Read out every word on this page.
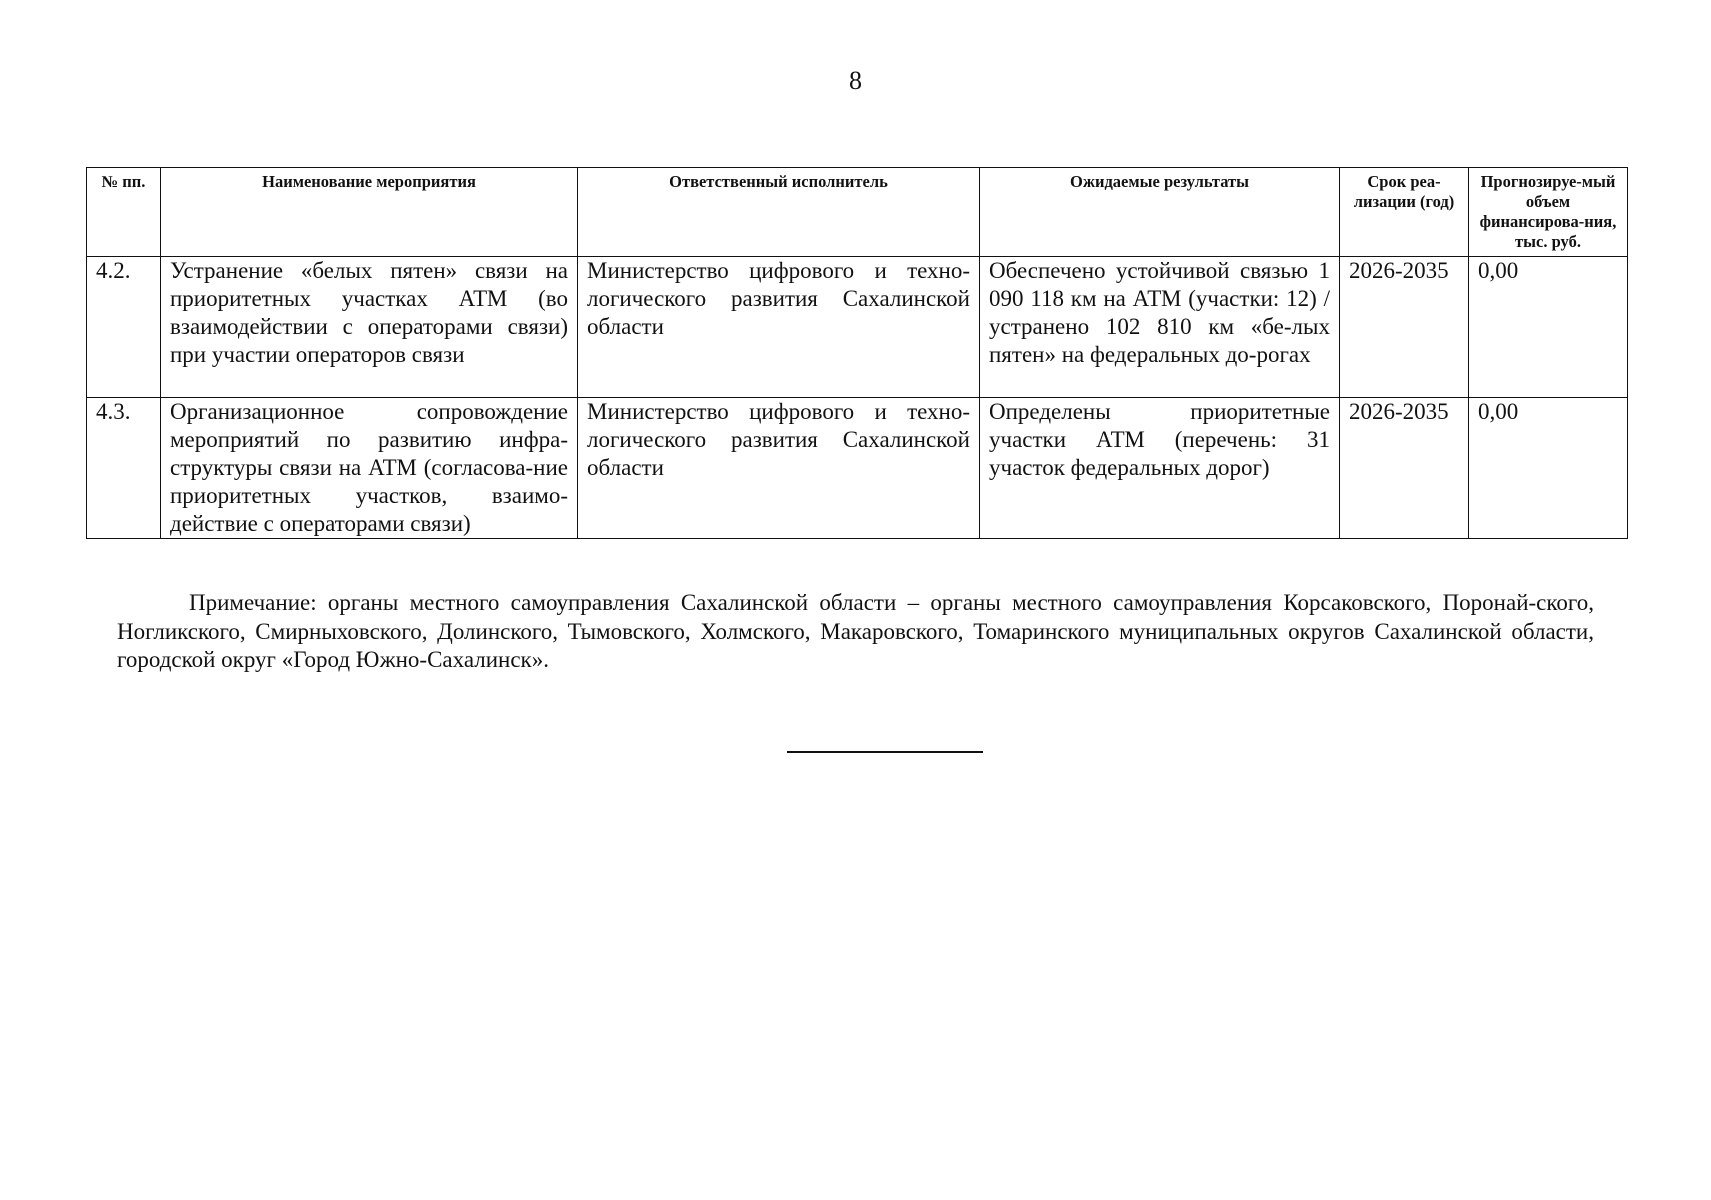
8
№ пп.	Наименование мероприятия	Ответственный исполнитель	Ожидаемые результаты	Срок реа-лизации (год)	Прогнозируе-мый объем финансирова-ния, тыс. руб.
4.2.	Устранение «белых пятен» связи на приоритетных участках АТМ (во взаимодействии с операторами связи) при участии операторов связи	Министерство цифрового и техно-логического развития Сахалинской области	Обеспечено устойчивой связью 1 090 118 км на АТМ (участки: 12) / устранено 102 810 км «бе-лых пятен» на федеральных до-рогах	2026-2035	0,00
4.3.	Организационное сопровождение мероприятий по развитию инфра-структуры связи на АТМ (согласова-ние приоритетных участков, взаимо-действие с операторами связи)	Министерство цифрового и техно-логического развития Сахалинской области	Определены приоритетные участки АТМ (перечень: 31 участок федеральных дорог)	2026-2035	0,00

Примечание: органы местного самоуправления Сахалинской области – органы местного самоуправления Корсаковского, Поронай-ского, Ногликского, Смирныховского, Долинского, Тымовского, Холмского, Макаровского, Томаринского муниципальных округов Сахалинской области, городской округ «Город Южно-Сахалинск».
